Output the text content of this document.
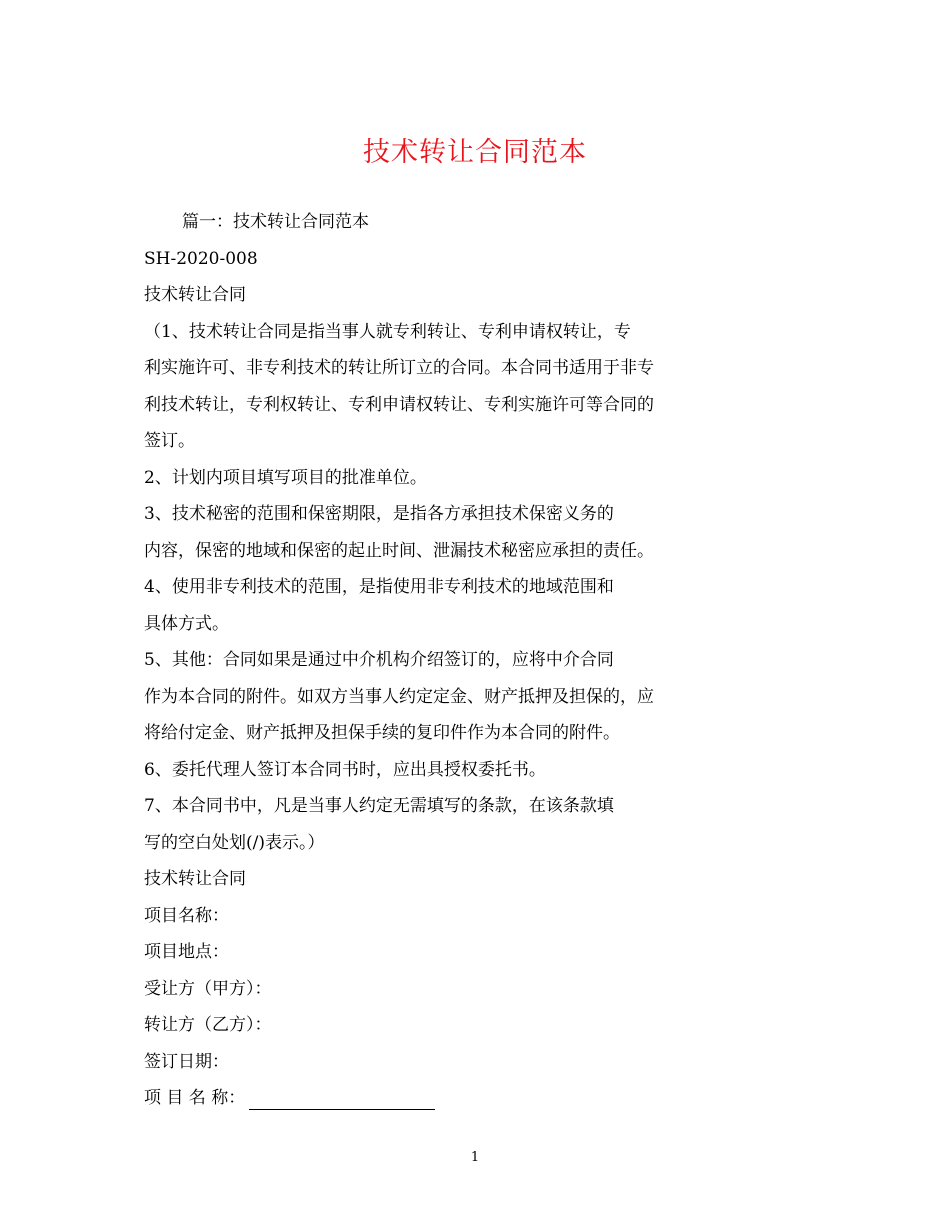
技术转让合同范本
篇一：技术转让合同范本
SH-2020-008
技术转让合同
（1、技术转让合同是指当事人就专利转让、专利申请权转让，专
利实施许可、非专利技术的转让所订立的合同。本合同书适用于非专
利技术转让，专利权转让、专利申请权转让、专利实施许可等合同的
签订。
2、计划内项目填写项目的批准单位。
3、技术秘密的范围和保密期限，是指各方承担技术保密义务的
内容，保密的地域和保密的起止时间、泄漏技术秘密应承担的责任。
4、使用非专利技术的范围，是指使用非专利技术的地域范围和
具体方式。
5、其他：合同如果是通过中介机构介绍签订的，应将中介合同
作为本合同的附件。如双方当事人约定定金、财产抵押及担保的，应
将给付定金、财产抵押及担保手续的复印件作为本合同的附件。
6、委托代理人签订本合同书时，应出具授权委托书。
7、本合同书中，凡是当事人约定无需填写的条款，在该条款填
写的空白处划(/)表示。）
技术转让合同
项目名称：
项目地点：
受让方（甲方）：
转让方（乙方）：
签订日期：
项 目 名 称：
1
